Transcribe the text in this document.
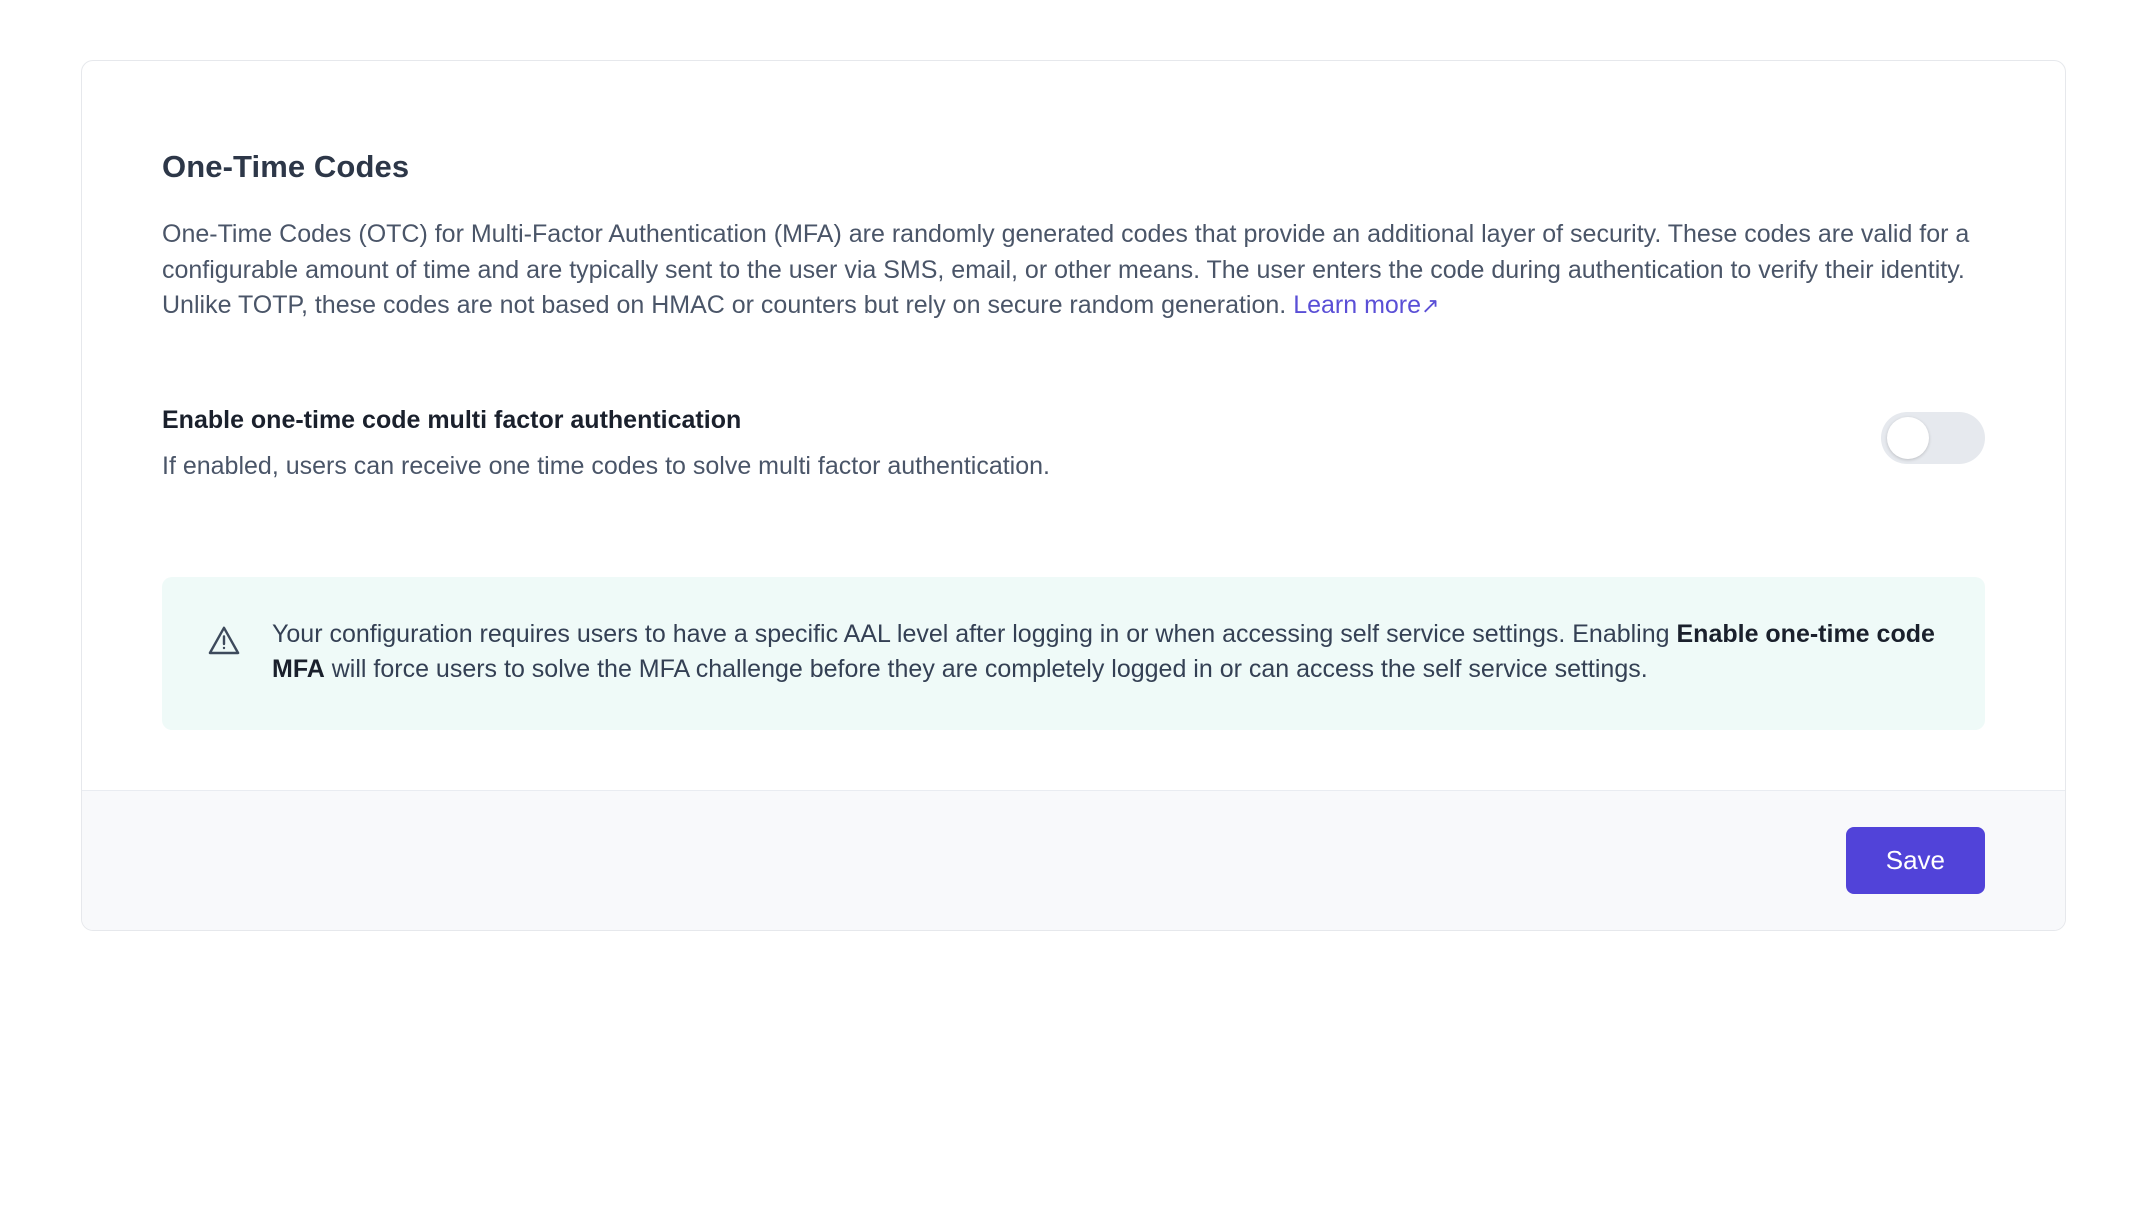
One-Time Codes

One-Time Codes (OTC) for Multi-Factor Authentication (MFA) are randomly generated codes that provide an additional layer of security. These codes are valid for a configurable amount of time and are typically sent to the user via SMS, email, or other means. The user enters the code during authentication to verify their identity. Unlike TOTP, these codes are not based on HMAC or counters but rely on secure random generation. Learn more↗

Enable one-time code multi factor authentication

If enabled, users can receive one time codes to solve multi factor authentication.

Your configuration requires users to have a specific AAL level after logging in or when accessing self service settings. Enabling Enable one-time code MFA will force users to solve the MFA challenge before they are completely logged in or can access the self service settings.

Save
